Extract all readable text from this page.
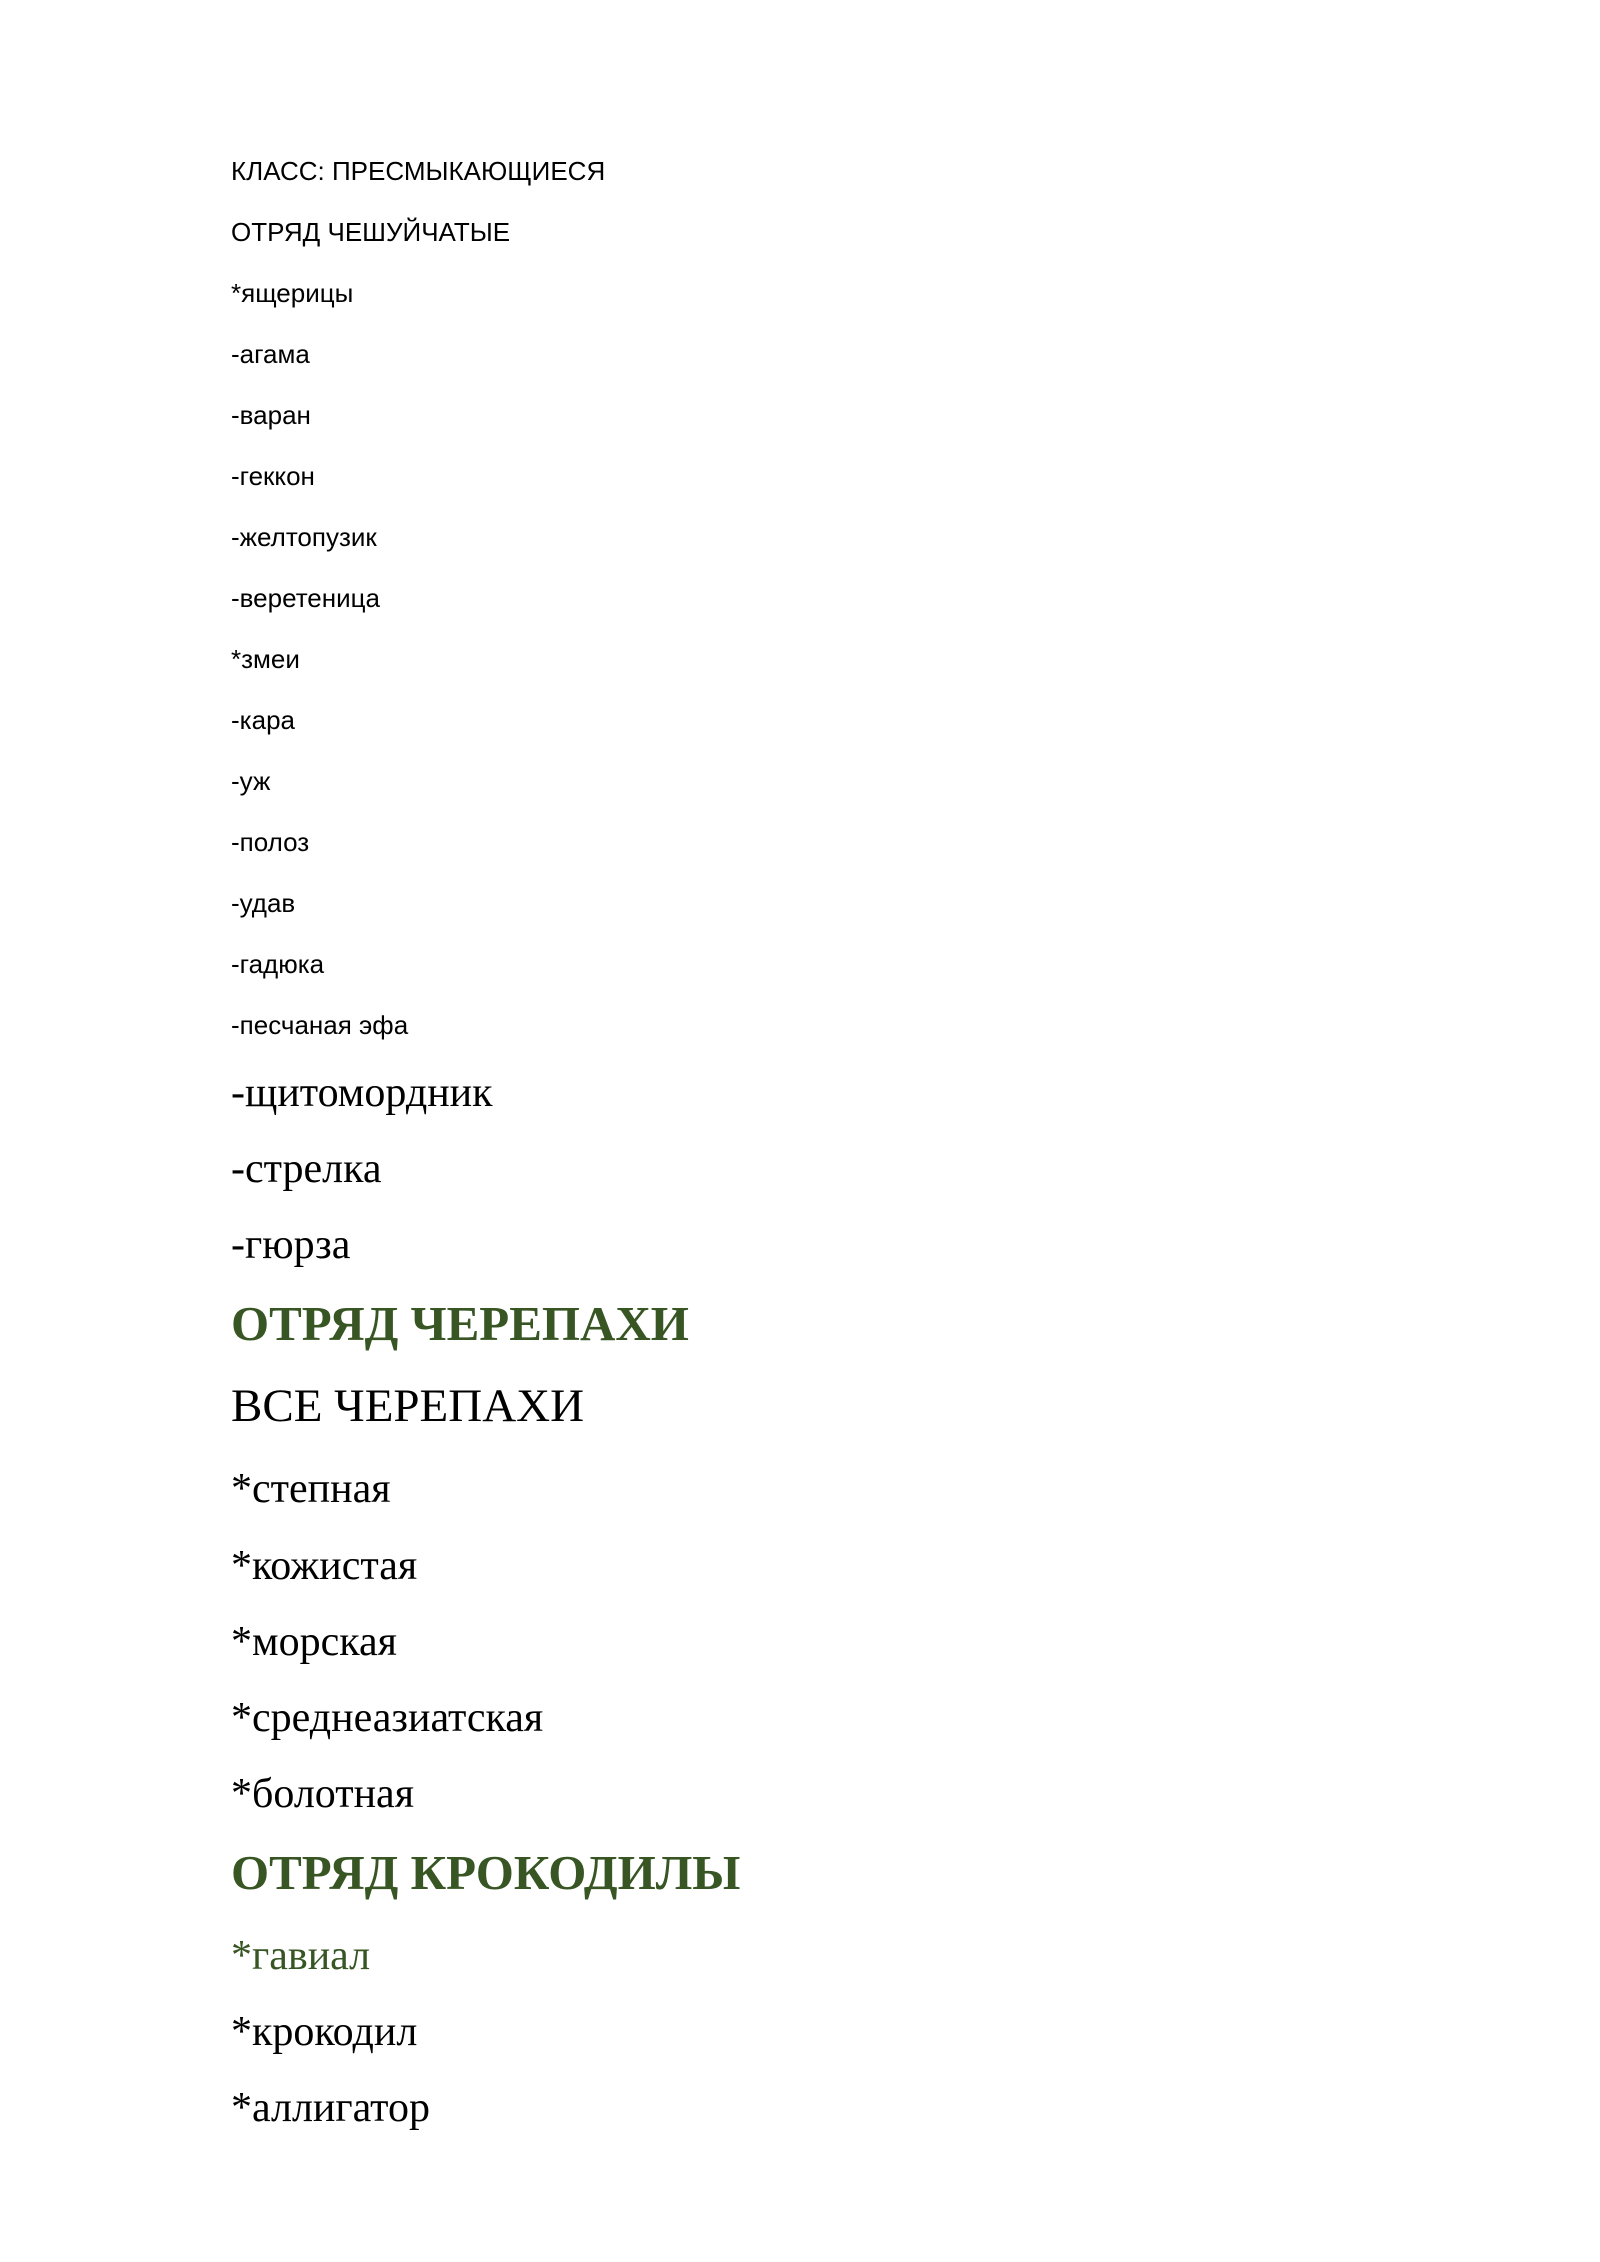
КЛАСС: ПРЕСМЫКАЮЩИЕСЯ
ОТРЯД ЧЕШУЙЧАТЫЕ
*ящерицы
-агама
-варан
-геккон
-желтопузик
-веретеница
*змеи
-кара
-уж
-полоз
-удав
-гадюка
-песчаная эфа
-щитомордник
-стрелка
-гюрза
ОТРЯД ЧЕРЕПАХИ
ВСЕ ЧЕРЕПАХИ
*степная
*кожистая
*морская
*среднеазиатская
*болотная
ОТРЯД КРОКОДИЛЫ
*гавиал
*крокодил
*аллигатор
